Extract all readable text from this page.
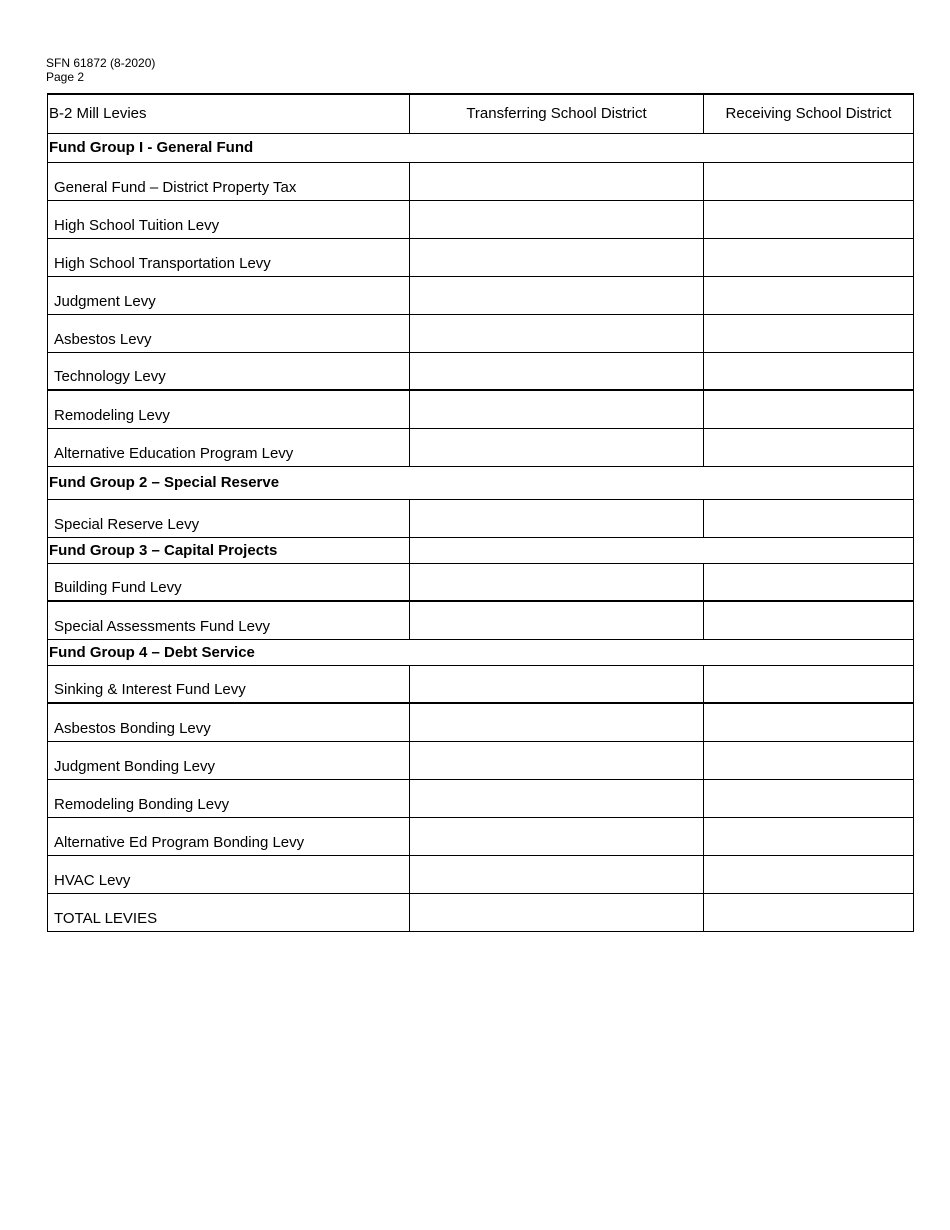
SFN 61872 (8-2020)
Page 2
B-2 Mill Levies	Transferring School District	Receiving School District
Fund Group I - General Fund		
General Fund – District Property Tax		
High School Tuition Levy		
High School Transportation Levy		
Judgment Levy		
Asbestos Levy		
Technology Levy		
Remodeling Levy		
Alternative Education Program Levy		
Fund Group 2 – Special Reserve		
Special Reserve Levy		
Fund Group 3 – Capital Projects		
Building Fund Levy		
Special Assessments Fund Levy		
Fund Group 4 – Debt Service		
Sinking & Interest Fund Levy		
Asbestos Bonding Levy		
Judgment Bonding Levy		
Remodeling Bonding Levy		
Alternative Ed Program Bonding Levy		
HVAC Levy		
TOTAL LEVIES		
